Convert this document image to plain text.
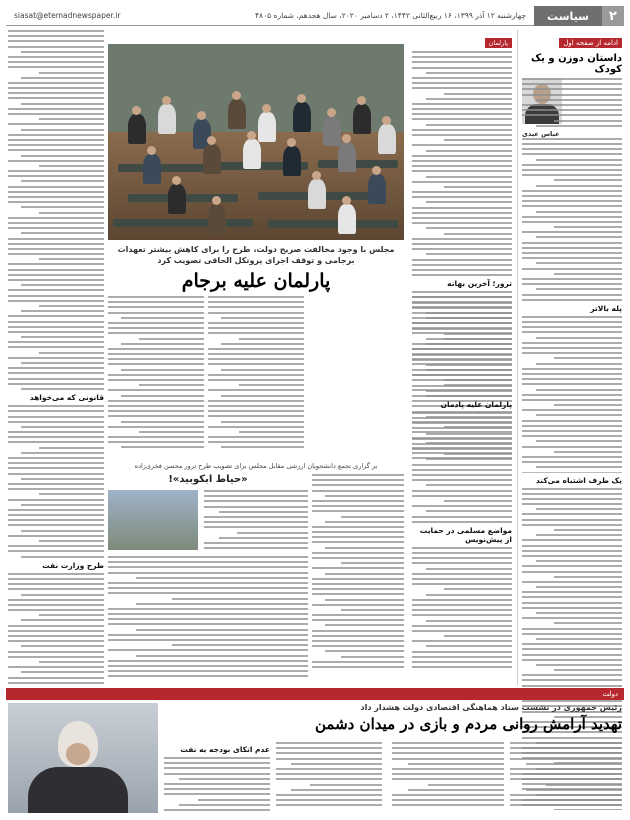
۲
سیاست
siasat@etemadnewspaper.ir	چهارشنبه ۱۲ آذر ۱۳۹۹، ۱۶ ربیع‌الثانی ۱۴۴۲، ۲ دسامبر ۲۰۲۰، سال هجدهم، شماره ۴۸۰۵
ادامه از صفحه اول
داستان دوزن و یک کودک
عباس عبدی
پله بالاتر
یک طرف اشتباه می‌کند
پارلمان
ترور؛ آخرین بهانه
مجلس با وجود مخالفت صریح دولت، طرح را برای کاهش بیشتر تعهدات برجامی و توقف اجرای پروتکل الحاقی تصویب کرد
پارلمان علیه برجام
قانونی که می‌خواهد
طرح وزارت نفت
پارلمان علیه پادمان
مواضع مسلمی در حمایت از پیش‌نویس
بر گزاری تجمع دانشجویان ارزشی مقابل مجلس برای تصویب طرح ترور محسن فخری‌زاده
«حیاط ابکوبید»!
دولت
رئیس جمهوری در نشست ستاد هماهنگی اقتصادی دولت هشدار داد
تهدید آرامش روانی مردم و بازی در میدان دشمن
عدم اتکای بودجه به نفت
